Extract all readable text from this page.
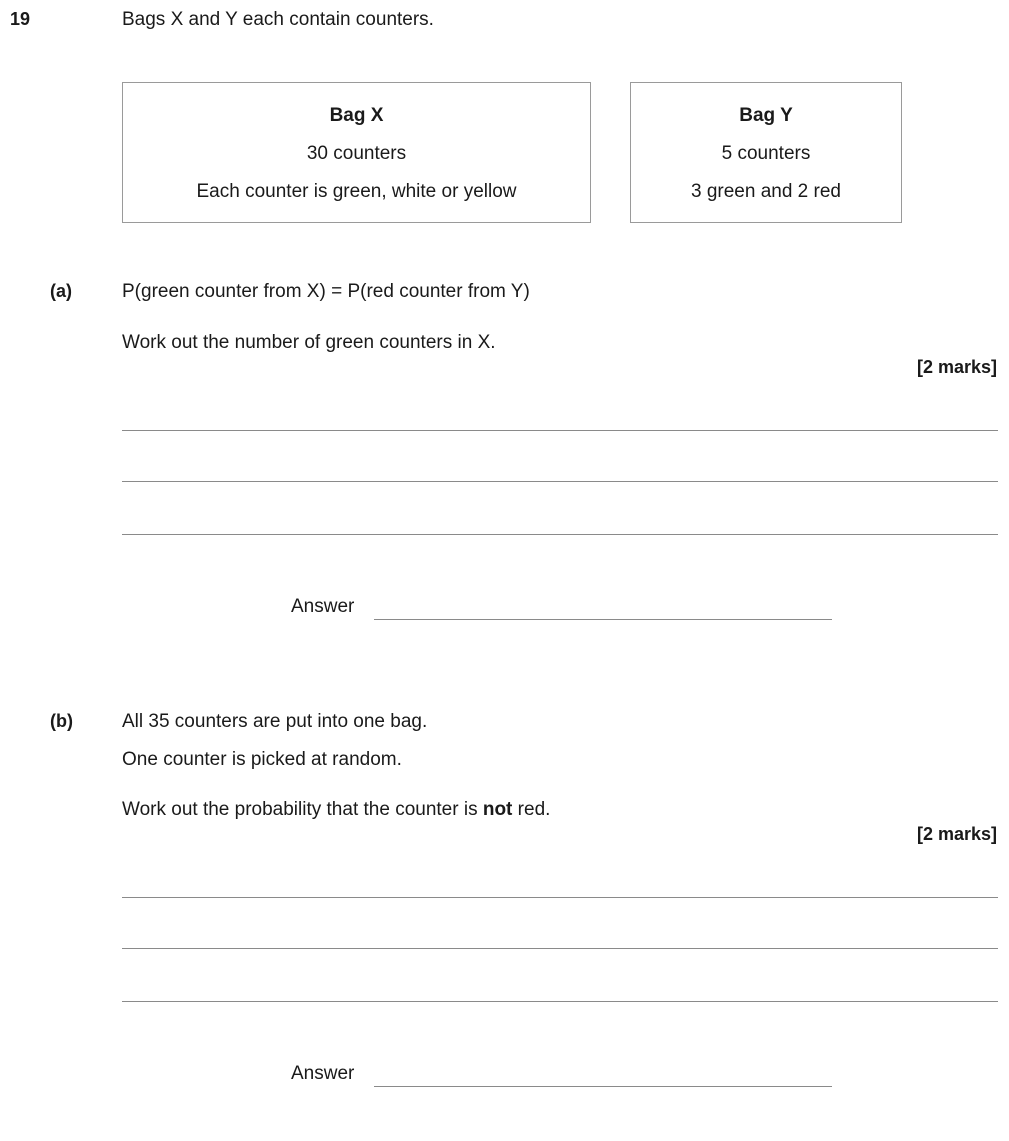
19	Bags X and Y each contain counters.
Bag X
30 counters
Each counter is green, white or yellow
Bag Y
5 counters
3 green and 2 red
(a)	P(green counter from X) = P(red counter from Y)
Work out the number of green counters in X.
[2 marks]
Answer
(b)	All 35 counters are put into one bag.
One counter is picked at random.
Work out the probability that the counter is not red.
[2 marks]
Answer
